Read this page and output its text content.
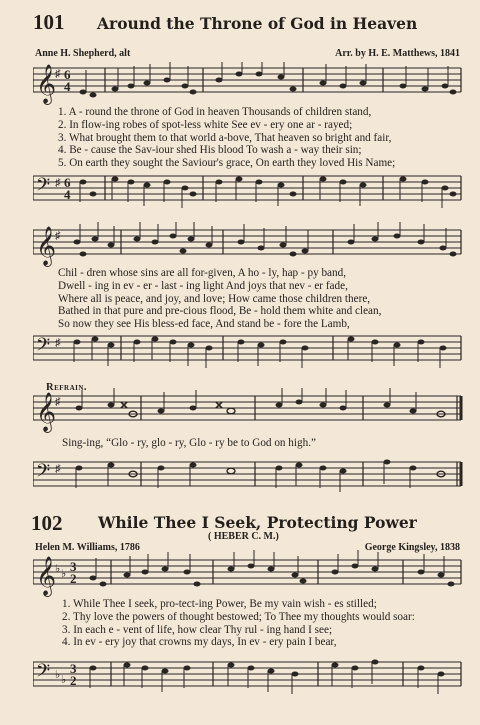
101 Around the Throne of God in Heaven
Anne H. Shepherd, alt	Arr. by H. E. Matthews, 1841
𝄞
♯ 6
4
1. A - round the throne of God in heaven Thousands of children stand,
2. In flow-ing robes of spot-less white See ev - ery one ar - rayed;
3. What brought them to that world a-bove, That heaven so bright and fair,
4. Be - cause the Sav-iour shed His blood To wash a - way their sin;
5. On earth they sought the Saviour's grace, On earth they loved His Name;
𝄢 ♯ 6
4
𝄞
♯
Chil - dren whose sins are all for-given, A ho - ly, hap - py band,
Dwell - ing in ev - er - last - ing light And joys that nev - er fade,
Where all is peace, and joy, and love; How came those children there,
Bathed in that pure and pre-cious flood, Be - hold them white and clean,
So now they see His bless-ed face, And stand be - fore the Lamb,
𝄢 ♯
Refrain.
𝄞
♯
Sing-ing, “Glo - ry, glo - ry, Glo - ry be to God on high.”
𝄢 ♯
102 While Thee I Seek, Protecting Power
( HEBER C. M.)
Helen M. Williams, 1786	George Kingsley, 1838
𝄞
♭ ♭ 3
2
1. While Thee I seek, pro-tect-ing Power, Be my vain wish - es stilled;
2. Thy love the powers of thought bestowed; To Thee my thoughts would soar:
3. In each e - vent of life, how clear Thy rul - ing hand I see;
4. In ev - ery joy that crowns my days, In ev - ery pain I bear,
𝄢 ♭ ♭
3
2
